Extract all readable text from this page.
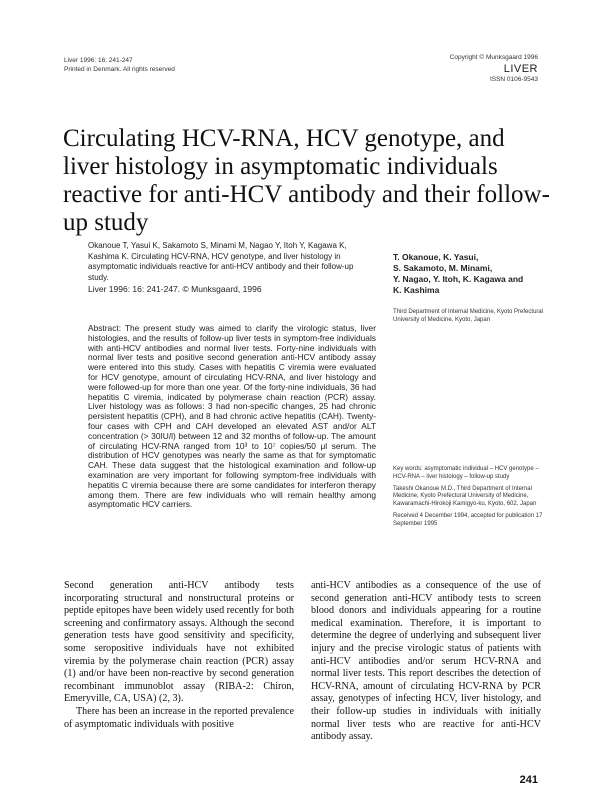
Liver 1996: 16: 241-247
Printed in Denmark. All rights reserved
Copyright © Munksgaard 1996
LIVER
ISSN 0106-9543
Circulating HCV-RNA, HCV genotype, and liver histology in asymptomatic individuals reactive for anti-HCV antibody and their follow-up study

Okanoue T, Yasui K, Sakamoto S, Minami M, Nagao Y, Itoh Y, Kagawa K, Kashima K. Circulating HCV-RNA, HCV genotype, and liver histology in asymptomatic individuals reactive for anti-HCV antibody and their follow-up study.

Liver 1996: 16: 241-247. © Munksgaard, 1996

T. Okanoue, K. Yasui,
S. Sakamoto, M. Minami,
Y. Nagao, Y. Itoh, K. Kagawa and
K. Kashima
Third Department of Internal Medicine, Kyoto Prefectural University of Medicine, Kyoto, Japan

Abstract: The present study was aimed to clarify the virologic status, liver histologies, and the results of follow-up liver tests in symptom-free individuals with anti-HCV antibodies and normal liver tests. Forty-nine individuals with normal liver tests and positive second generation anti-HCV antibody assay were entered into this study. Cases with hepatitis C viremia were evaluated for HCV genotype, amount of circulating HCV-RNA, and liver histology and were followed-up for more than one year. Of the forty-nine individuals, 36 had hepatitis C viremia, indicated by polymerase chain reaction (PCR) assay. Liver histology was as follows: 3 had non-specific changes, 25 had chronic persistent hepatitis (CPH), and 8 had chronic active hepatitis (CAH). Twenty-four cases with CPH and CAH developed an elevated AST and/or ALT concentration (> 30IU/l) between 12 and 32 months of follow-up. The amount of circulating HCV-RNA ranged from 10³ to 10⁷ copies/50 μl serum. The distribution of HCV genotypes was nearly the same as that for symptomatic CAH. These data suggest that the histological examination and follow-up examination are very important for following symptom-free individuals with hepatitis C viremia because there are some candidates for interferon therapy among them. There are few individuals who will remain healthy among asymptomatic HCV carriers.

Key words: asymptomatic individual – HCV genotype – HCV-RNA – liver histology – follow-up study

Takeshi Okanoue M.D., Third Department of Internal Medicine, Kyoto Prefectural University of Medicine, Kawaramachi-Hirokoji Kamigyo-ku, Kyoto, 602, Japan

Received 4 December 1994, accepted for publication 17 September 1995

Second generation anti-HCV antibody tests incorporating structural and nonstructural proteins or peptide epitopes have been widely used recently for both screening and confirmatory assays. Although the second generation tests have good sensitivity and specificity, some seropositive individuals have not exhibited viremia by the polymerase chain reaction (PCR) assay (1) and/or have been non-reactive by second generation recombinant immunoblot assay (RIBA-2: Chiron, Emeryville, CA, USA) (2, 3).

There has been an increase in the reported prevalence of asymptomatic individuals with positive

anti-HCV antibodies as a consequence of the use of second generation anti-HCV antibody tests to screen blood donors and individuals appearing for a routine medical examination. Therefore, it is important to determine the degree of underlying and subsequent liver injury and the precise virologic status of patients with anti-HCV antibodies and/or serum HCV-RNA and normal liver tests. This report describes the detection of HCV-RNA, amount of circulating HCV-RNA by PCR assay, genotypes of infecting HCV, liver histology, and their follow-up studies in individuals with initially normal liver tests who are reactive for anti-HCV antibody assay.

241
